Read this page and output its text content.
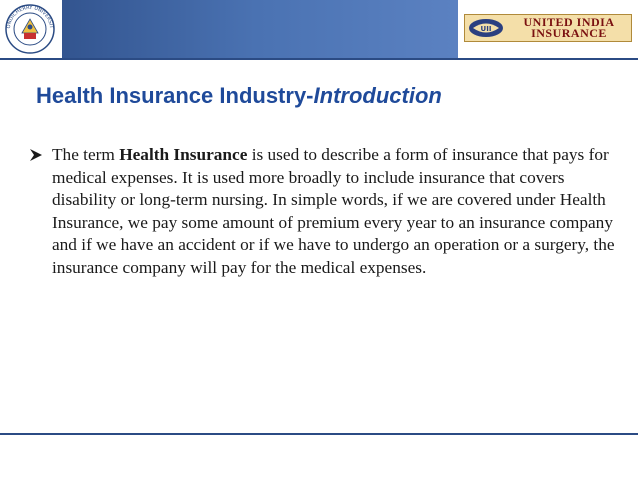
ONDICHERRY UNIVERSIT	UII	UNITED INDIA
INSURANCE
Health Insurance Industry-Introduction
The term Health Insurance is used to describe a form of insurance that pays for medical expenses. It is used more broadly to include insurance that covers disability or long-term nursing. In simple words, if we are covered under Health Insurance, we pay some amount of premium every year to an insurance company and if we have an accident or if we have to undergo an operation or a surgery, the insurance company will pay for the medical expenses.
